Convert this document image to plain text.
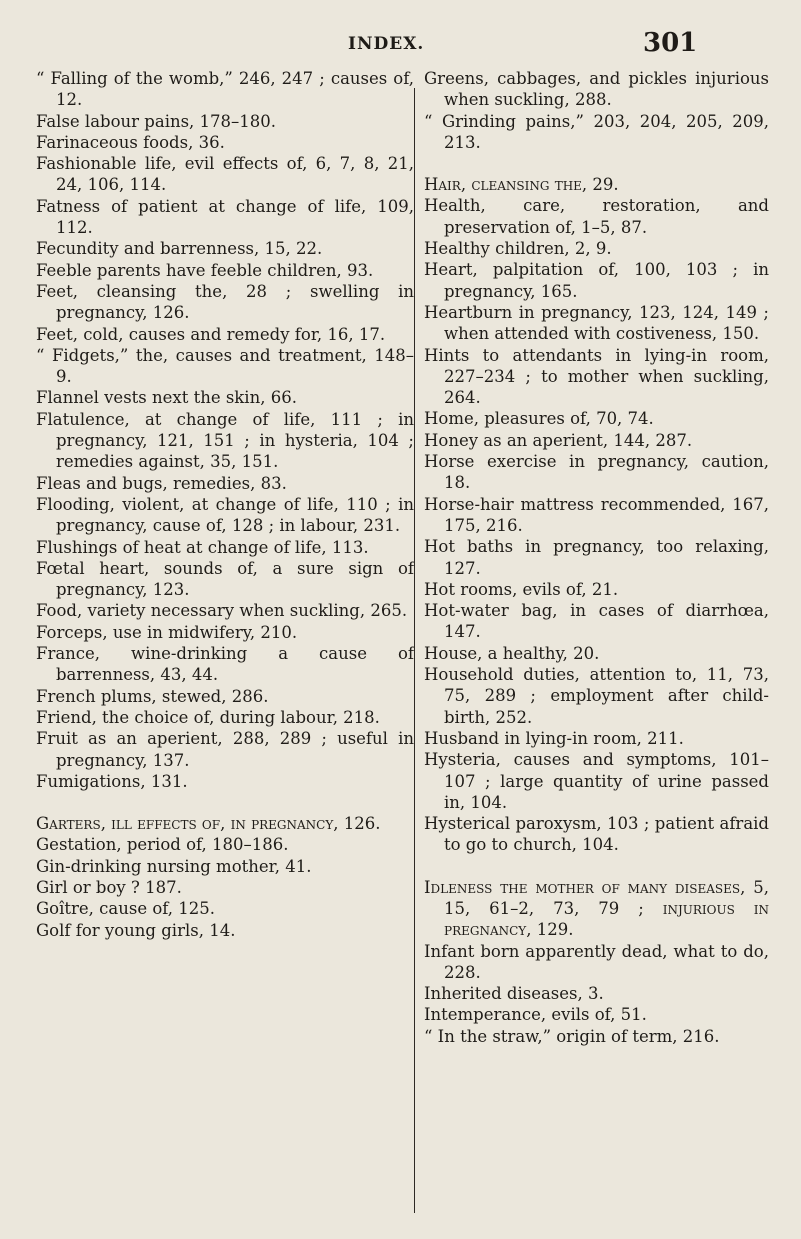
INDEX.	301

“ Falling of the womb,” 246, 247 ; causes of, 12.

False labour pains, 178–180.

Farinaceous foods, 36.

Fashionable life, evil effects of, 6, 7, 8, 21, 24, 106, 114.

Fatness of patient at change of life, 109, 112.

Fecundity and barrenness, 15, 22.

Feeble parents have feeble children, 93.

Feet, cleansing the, 28 ; swelling in pregnancy, 126.

Feet, cold, causes and remedy for, 16, 17.

“ Fidgets,” the, causes and treatment, 148–9.

Flannel vests next the skin, 66.

Flatulence, at change of life, 111 ; in pregnancy, 121, 151 ; in hysteria, 104 ; remedies against, 35, 151.

Fleas and bugs, remedies, 83.

Flooding, violent, at change of life, 110 ; in pregnancy, cause of, 128 ; in labour, 231.

Flushings of heat at change of life, 113.

Fœtal heart, sounds of, a sure sign of pregnancy, 123.

Food, variety necessary when suckling, 265.

Forceps, use in midwifery, 210.

France, wine-drinking a cause of barrenness, 43, 44.

French plums, stewed, 286.

Friend, the choice of, during labour, 218.

Fruit as an aperient, 288, 289 ; useful in pregnancy, 137.

Fumigations, 131.

Garters, ill effects of, in pregnancy, 126.

Gestation, period of, 180–186.

Gin-drinking nursing mother, 41.

Girl or boy ? 187.

Goître, cause of, 125.

Golf for young girls, 14.

Greens, cabbages, and pickles injurious when suckling, 288.

“ Grinding pains,” 203, 204, 205, 209, 213.

Hair, cleansing the, 29.

Health, care, restoration, and preservation of, 1–5, 87.

Healthy children, 2, 9.

Heart, palpitation of, 100, 103 ; in pregnancy, 165.

Heartburn in pregnancy, 123, 124, 149 ; when attended with costiveness, 150.

Hints to attendants in lying-in room, 227–234 ; to mother when suckling, 264.

Home, pleasures of, 70, 74.

Honey as an aperient, 144, 287.

Horse exercise in pregnancy, caution, 18.

Horse-hair mattress recommended, 167, 175, 216.

Hot baths in pregnancy, too relaxing, 127.

Hot rooms, evils of, 21.

Hot-water bag, in cases of diarrhœa, 147.

House, a healthy, 20.

Household duties, attention to, 11, 73, 75, 289 ; employment after child-birth, 252.

Husband in lying-in room, 211.

Hysteria, causes and symptoms, 101–107 ; large quantity of urine passed in, 104.

Hysterical paroxysm, 103 ; patient afraid to go to church, 104.

Idleness the mother of many diseases, 5, 15, 61–2, 73, 79 ; injurious in pregnancy, 129.

Infant born apparently dead, what to do, 228.

Inherited diseases, 3.

Intemperance, evils of, 51.

“ In the straw,” origin of term, 216.
